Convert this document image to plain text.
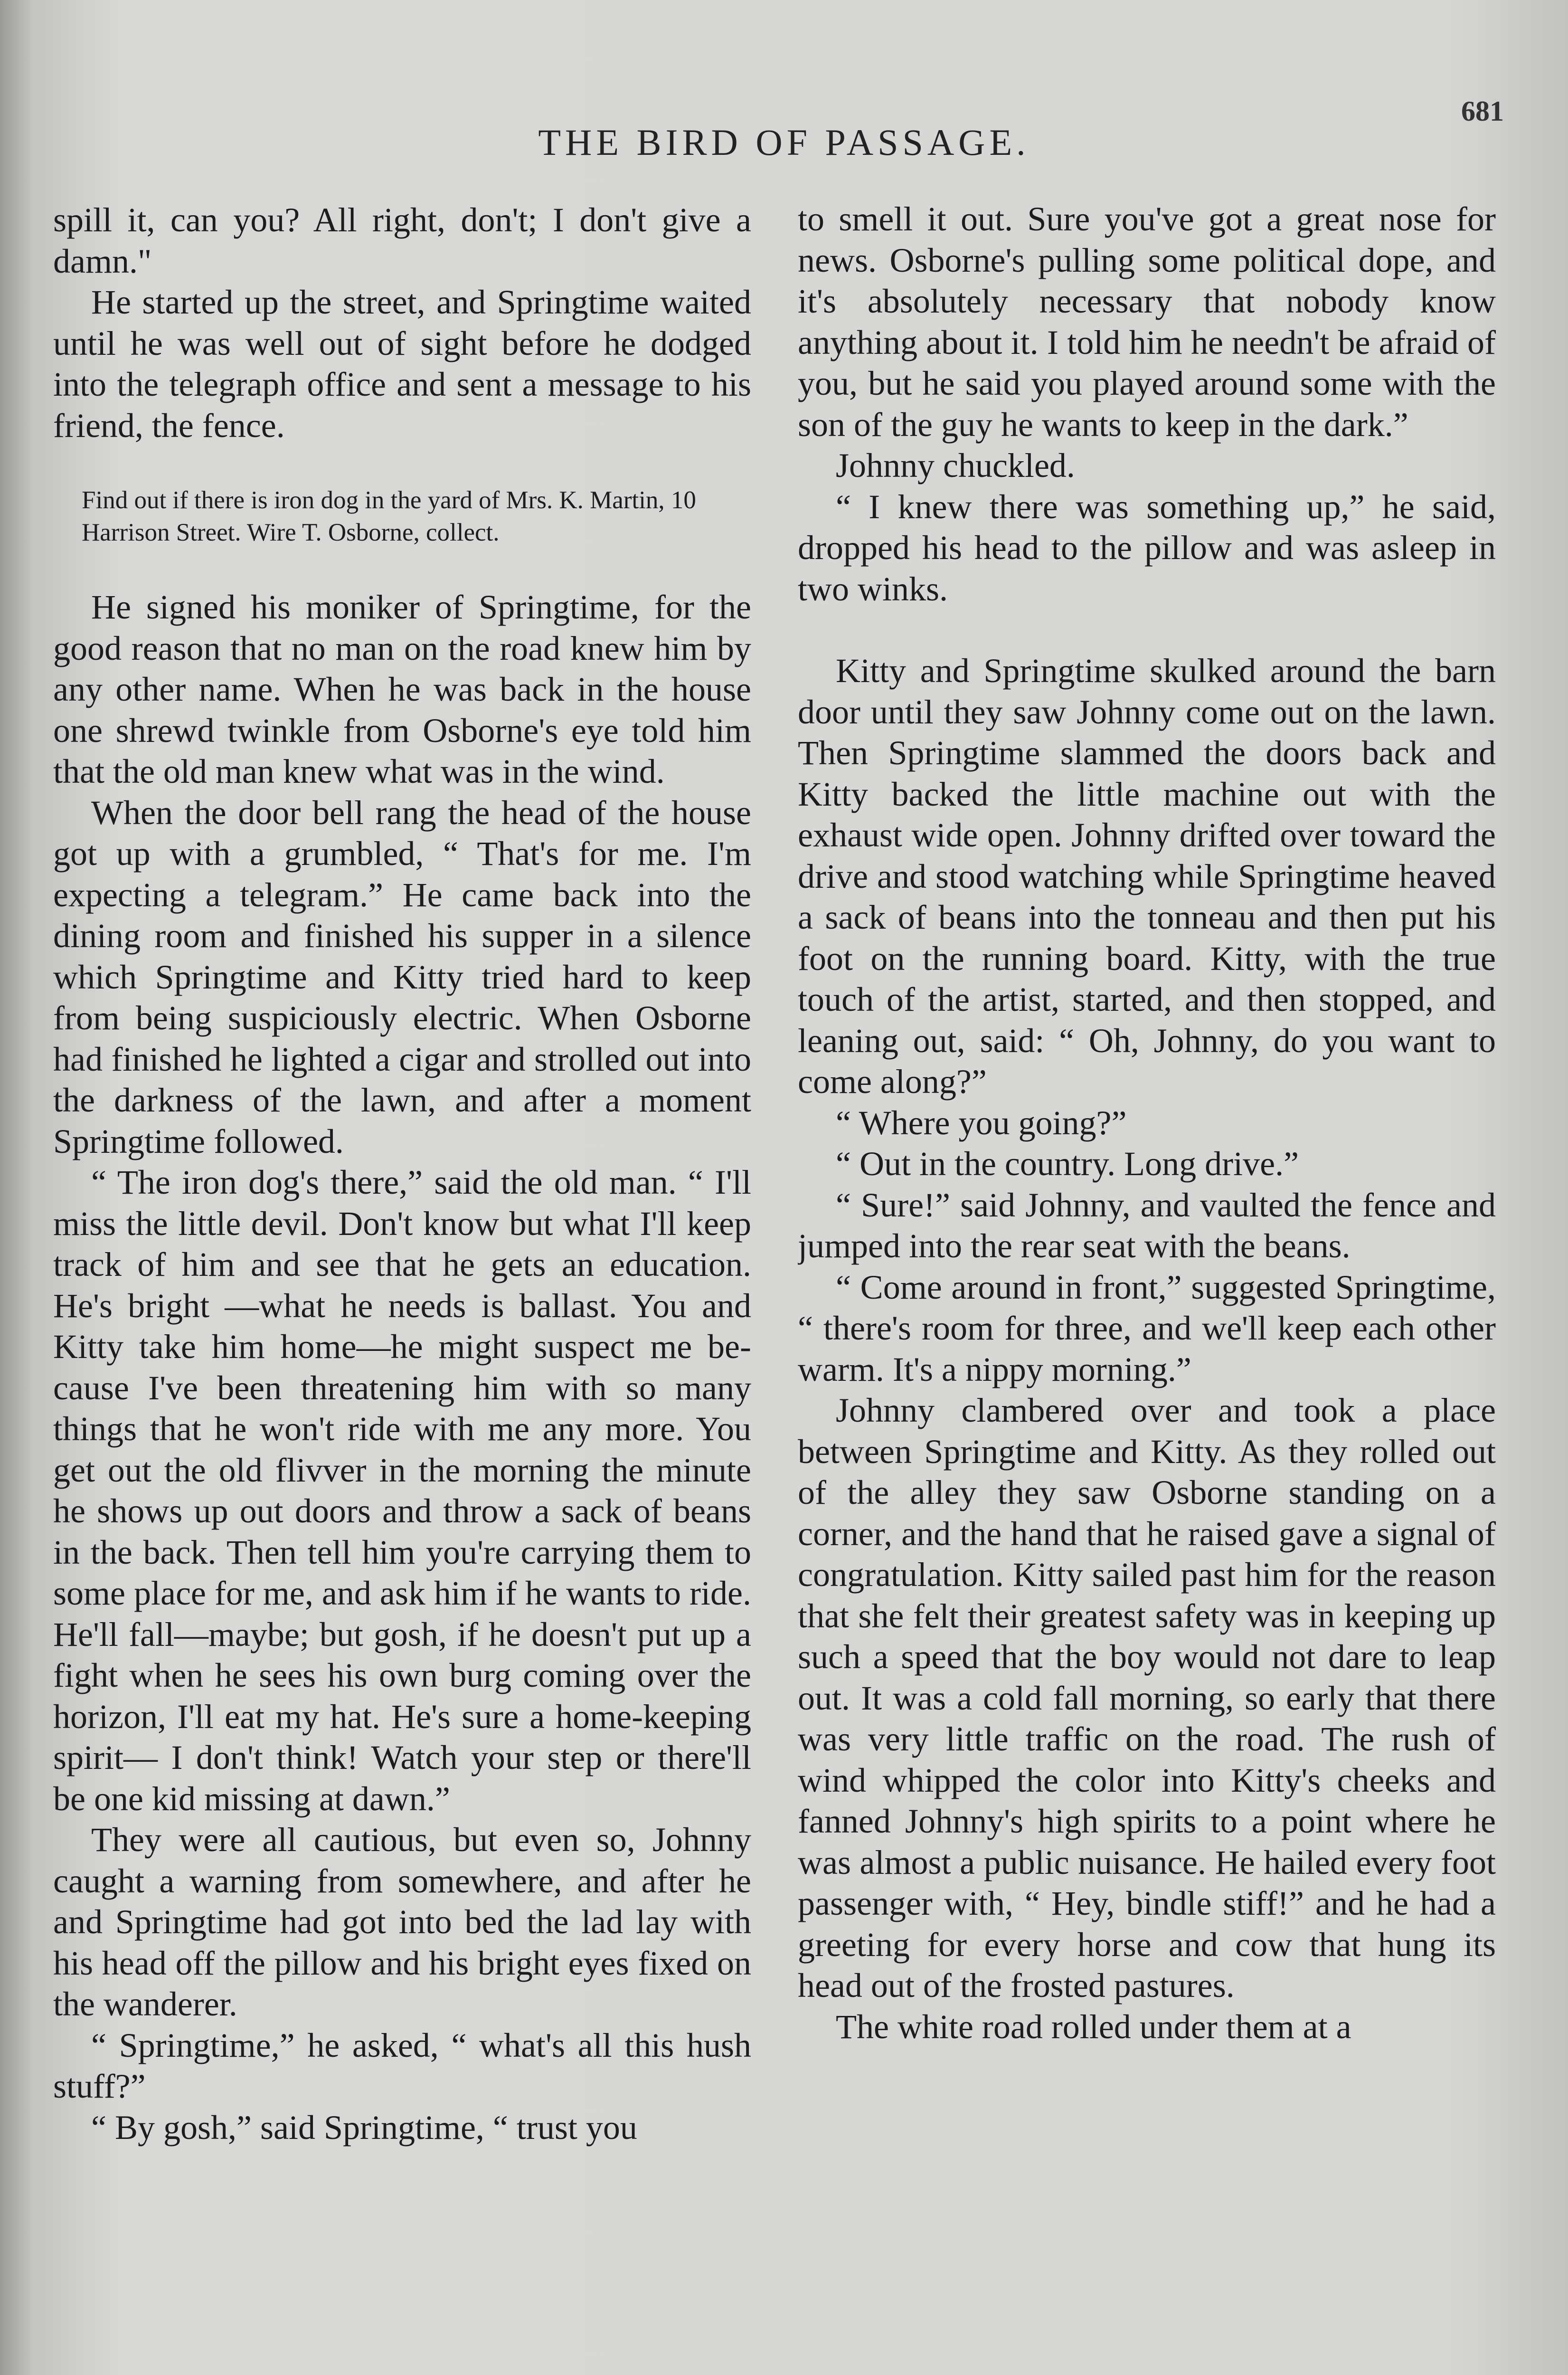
681
THE BIRD OF PASSAGE.

spill it, can you? All right, don't; I don't give a damn."

He started up the street, and Springtime waited until he was well out of sight before he dodged into the telegraph office and sent a message to his friend, the fence.

Find out if there is iron dog in the yard of Mrs. K. Martin, 10 Harrison Street. Wire T. Osborne, collect.

He signed his moniker of Springtime, for the good reason that no man on the road knew him by any other name. When he was back in the house one shrewd twinkle from Osborne's eye told him that the old man knew what was in the wind.

When the door bell rang the head of the house got up with a grumbled, “ That's for me. I'm expecting a telegram.” He came back into the dining room and finished his supper in a silence which Springtime and Kitty tried hard to keep from being suspiciously electric. When Osborne had finished he lighted a cigar and strolled out into the darkness of the lawn, and after a moment Springtime followed.

“ The iron dog's there,” said the old man. “ I'll miss the little devil. Don't know but what I'll keep track of him and see that he gets an education. He's bright —what he needs is ballast. You and Kitty take him home—he might suspect me because I've been threatening him with so many things that he won't ride with me any more. You get out the old flivver in the morning the minute he shows up out doors and throw a sack of beans in the back. Then tell him you're carrying them to some place for me, and ask him if he wants to ride. He'll fall—maybe; but gosh, if he doesn't put up a fight when he sees his own burg coming over the horizon, I'll eat my hat. He's sure a home-keeping spirit— I don't think! Watch your step or there'll be one kid missing at dawn.”

They were all cautious, but even so, Johnny caught a warning from somewhere, and after he and Springtime had got into bed the lad lay with his head off the pillow and his bright eyes fixed on the wanderer.

“ Springtime,” he asked, “ what's all this hush stuff?”

“ By gosh,” said Springtime, “ trust you

to smell it out. Sure you've got a great nose for news. Osborne's pulling some political dope, and it's absolutely necessary that nobody know anything about it. I told him he needn't be afraid of you, but he said you played around some with the son of the guy he wants to keep in the dark.”

Johnny chuckled.

“ I knew there was something up,” he said, dropped his head to the pillow and was asleep in two winks.

Kitty and Springtime skulked around the barn door until they saw Johnny come out on the lawn. Then Springtime slammed the doors back and Kitty backed the little machine out with the exhaust wide open. Johnny drifted over toward the drive and stood watching while Springtime heaved a sack of beans into the tonneau and then put his foot on the running board. Kitty, with the true touch of the artist, started, and then stopped, and leaning out, said: “ Oh, Johnny, do you want to come along?”

“ Where you going?”

“ Out in the country. Long drive.”

“ Sure!” said Johnny, and vaulted the fence and jumped into the rear seat with the beans.

“ Come around in front,” suggested Springtime, “ there's room for three, and we'll keep each other warm. It's a nippy morning.”

Johnny clambered over and took a place between Springtime and Kitty. As they rolled out of the alley they saw Osborne standing on a corner, and the hand that he raised gave a signal of congratulation. Kitty sailed past him for the reason that she felt their greatest safety was in keeping up such a speed that the boy would not dare to leap out. It was a cold fall morning, so early that there was very little traffic on the road. The rush of wind whipped the color into Kitty's cheeks and fanned Johnny's high spirits to a point where he was almost a public nuisance. He hailed every foot passenger with, “ Hey, bindle stiff!” and he had a greeting for every horse and cow that hung its head out of the frosted pastures.

The white road rolled under them at a
